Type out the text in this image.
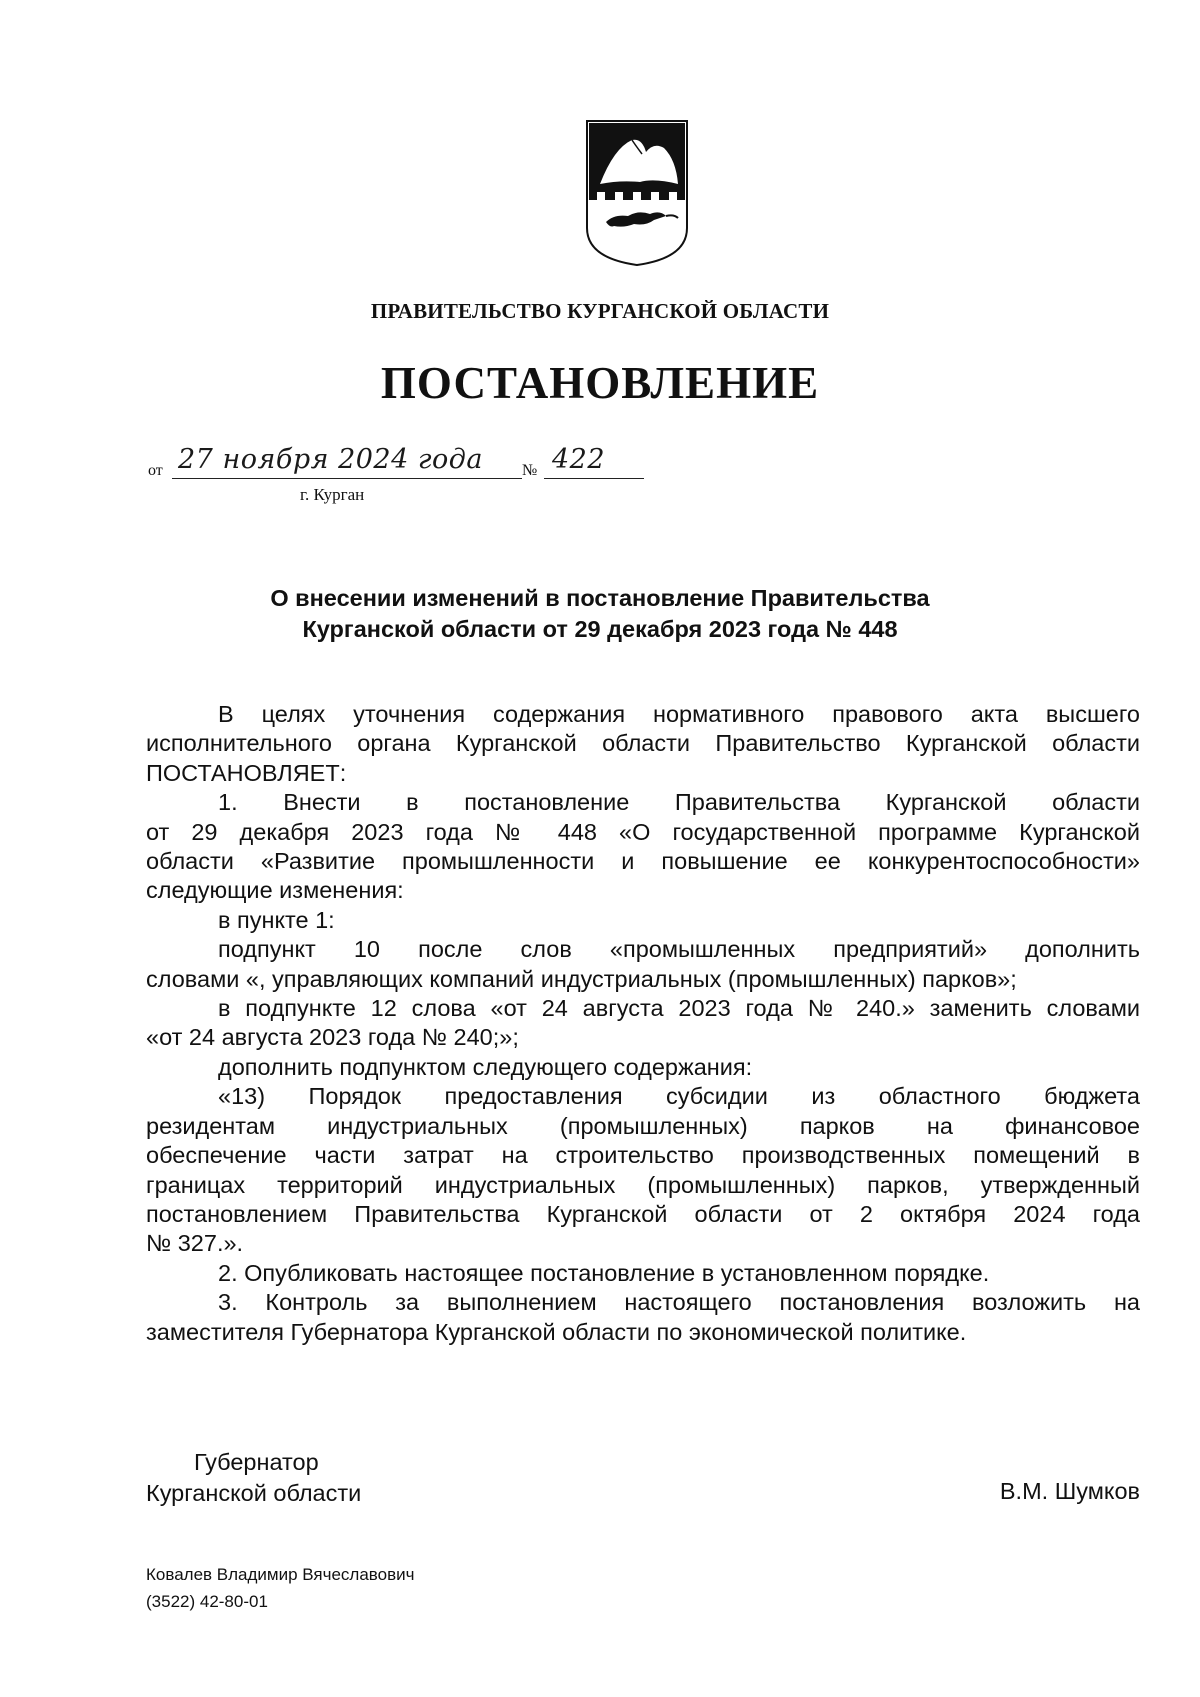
ПРАВИТЕЛЬСТВО КУРГАНСКОЙ ОБЛАСТИ
ПОСТАНОВЛЕНИЕ
от 27 ноября 2024 года № 422
г. Курган
О внесении изменений в постановление Правительства
Курганской области от 29 декабря 2023 года № 448

В целях уточнения содержания нормативного правового акта высшего

исполнительного органа Курганской области Правительство Курганской области

ПОСТАНОВЛЯЕТ:

1. Внести в постановление Правительства Курганской области

от 29 декабря 2023 года № 448 «О государственной программе Курганской

области «Развитие промышленности и повышение ее конкурентоспособности»

следующие изменения:

в пункте 1:

подпункт 10 после слов «промышленных предприятий» дополнить

словами «, управляющих компаний индустриальных (промышленных) парков»;

в подпункте 12 слова «от 24 августа 2023 года № 240.» заменить словами

«от 24 августа 2023 года № 240;»;

дополнить подпунктом следующего содержания:

«13) Порядок предоставления субсидии из областного бюджета

резидентам индустриальных (промышленных) парков на финансовое

обеспечение части затрат на строительство производственных помещений в

границах территорий индустриальных (промышленных) парков, утвержденный

постановлением Правительства Курганской области от 2 октября 2024 года

№ 327.».

2. Опубликовать настоящее постановление в установленном порядке.

3. Контроль за выполнением настоящего постановления возложить на

заместителя Губернатора Курганской области по экономической политике.

Губернатор
Курганской области	В.М. Шумков
Ковалев Владимир Вячеславович
(3522) 42-80-01
